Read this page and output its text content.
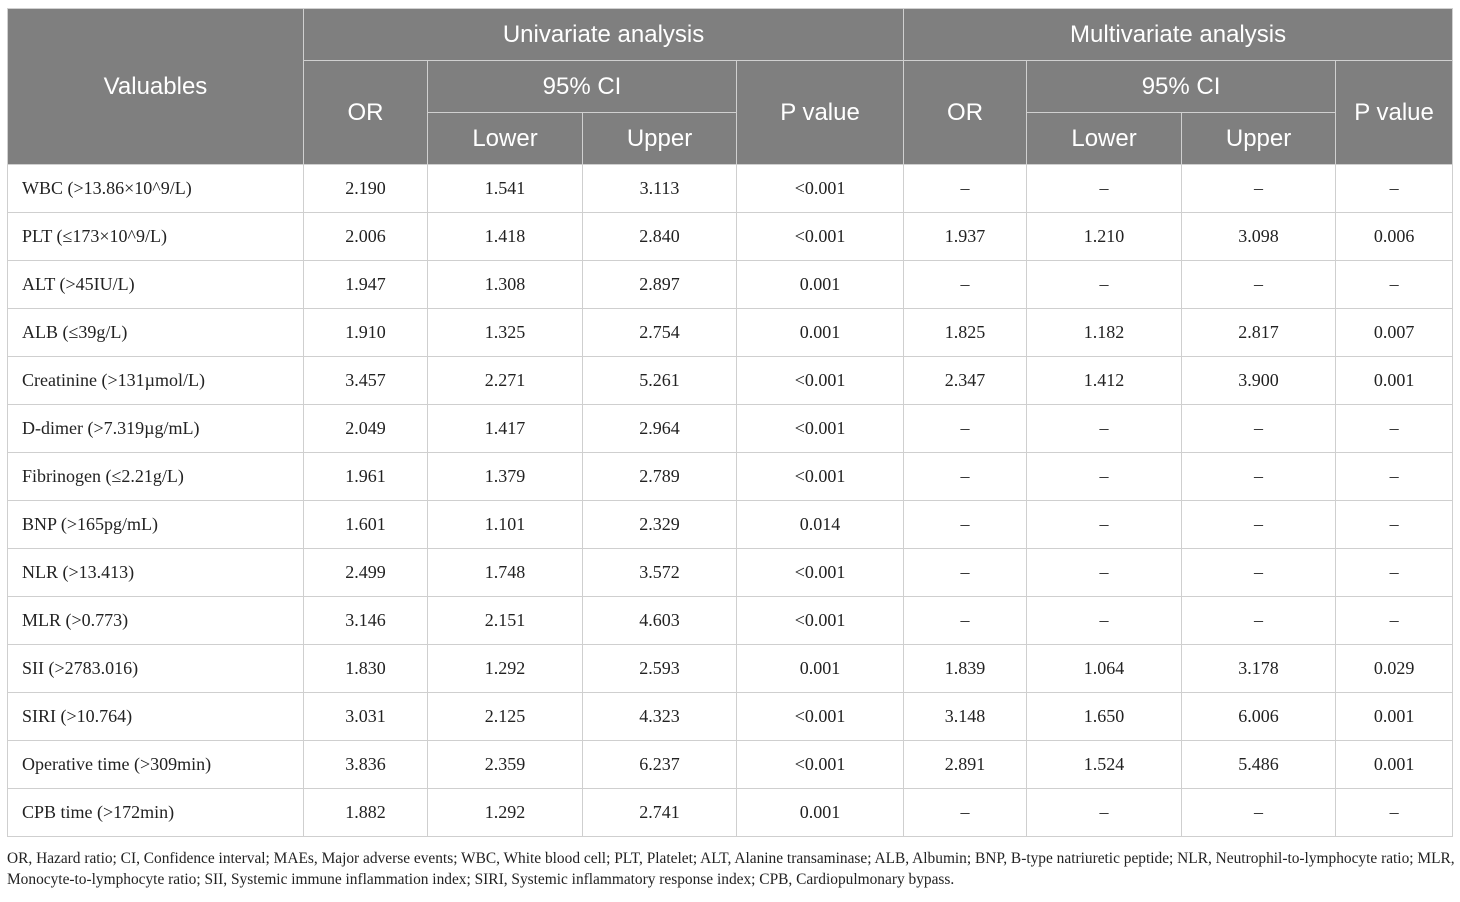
Valuables	Univariate analysis				Multivariate analysis			
	OR	95% CI		P value	OR	95% CI		P value
		Lower	Upper			Lower	Upper	
WBC (>13.86×10^9/L)	2.190	1.541	3.113	<0.001	–	–	–	–
PLT (≤173×10^9/L)	2.006	1.418	2.840	<0.001	1.937	1.210	3.098	0.006
ALT (>45IU/L)	1.947	1.308	2.897	0.001	–	–	–	–
ALB (≤39g/L)	1.910	1.325	2.754	0.001	1.825	1.182	2.817	0.007
Creatinine (>131µmol/L)	3.457	2.271	5.261	<0.001	2.347	1.412	3.900	0.001
D-dimer (>7.319µg/mL)	2.049	1.417	2.964	<0.001	–	–	–	–
Fibrinogen (≤2.21g/L)	1.961	1.379	2.789	<0.001	–	–	–	–
BNP (>165pg/mL)	1.601	1.101	2.329	0.014	–	–	–	–
NLR (>13.413)	2.499	1.748	3.572	<0.001	–	–	–	–
MLR (>0.773)	3.146	2.151	4.603	<0.001	–	–	–	–
SII (>2783.016)	1.830	1.292	2.593	0.001	1.839	1.064	3.178	0.029
SIRI (>10.764)	3.031	2.125	4.323	<0.001	3.148	1.650	6.006	0.001
Operative time (>309min)	3.836	2.359	6.237	<0.001	2.891	1.524	5.486	0.001
CPB time (>172min)	1.882	1.292	2.741	0.001	–	–	–	–

OR, Hazard ratio; CI, Confidence interval; MAEs, Major adverse events; WBC, White blood cell; PLT, Platelet; ALT, Alanine transaminase; ALB, Albumin; BNP, B-type natriuretic peptide; NLR, Neutrophil-to-lymphocyte ratio; MLR, Monocyte-to-lymphocyte ratio; SII, Systemic immune inflammation index; SIRI, Systemic inflammatory response index; CPB, Cardiopulmonary bypass.
